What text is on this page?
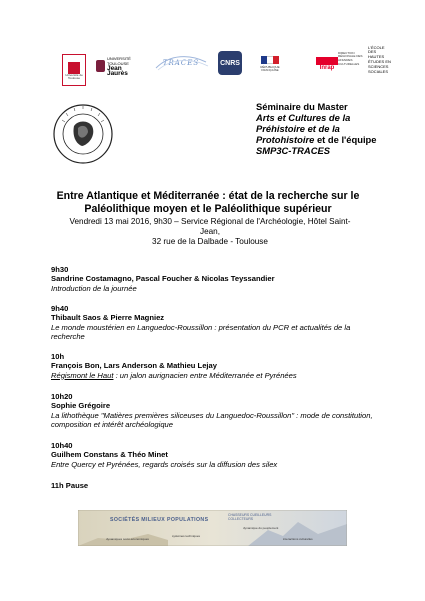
Université de Toulouse
UNIVERSITÉ TOULOUSE
Jean Jaurès
TRACES	CNRS
RÉPUBLIQUE FRANÇAISE	Inrap
DIRECTION RÉGIONALE DES AFFAIRES CULTURELLES
L'ÉCOLE DES HAUTES ÉTUDES EN SCIENCES SOCIALES
Séminaire du Master
Arts et Cultures de la Préhistoire et de la Protohistoire et de l'équipe SMP3C-TRACES
Entre Atlantique et Méditerranée : état de la recherche sur le Paléolithique moyen et le Paléolithique supérieur
Vendredi 13 mai 2016, 9h30 – Service Régional de l'Archéologie, Hôtel Saint-Jean,
32 rue de la Dalbade - Toulouse
9h30
Sandrine Costamagno, Pascal Foucher & Nicolas Teyssandier
Introduction de la journée
9h40
Thibault Saos & Pierre Magniez
Le monde moustérien en Languedoc-Roussillon : présentation du PCR et actualités de la recherche
10h
François Bon, Lars Anderson & Mathieu Lejay
Régismont le Haut : un jalon aurignacien entre Méditerranée et Pyrénées
10h20
Sophie Grégoire
La lithothèque "Matières premières siliceuses du Languedoc-Roussillon" : mode de constitution, composition et intérêt archéologique
10h40
Guilhem Constans & Théo Minet
Entre Quercy et Pyrénées, regards croisés sur la diffusion des silex
11h Pause
SOCIÉTÉS MILIEUX POPULATIONS
CHASSEURS CUEILLEURS COLLECTEURS
dynamiques socio-économiques
systèmes techniques
dynamique du peuplement
interactions culturelles
